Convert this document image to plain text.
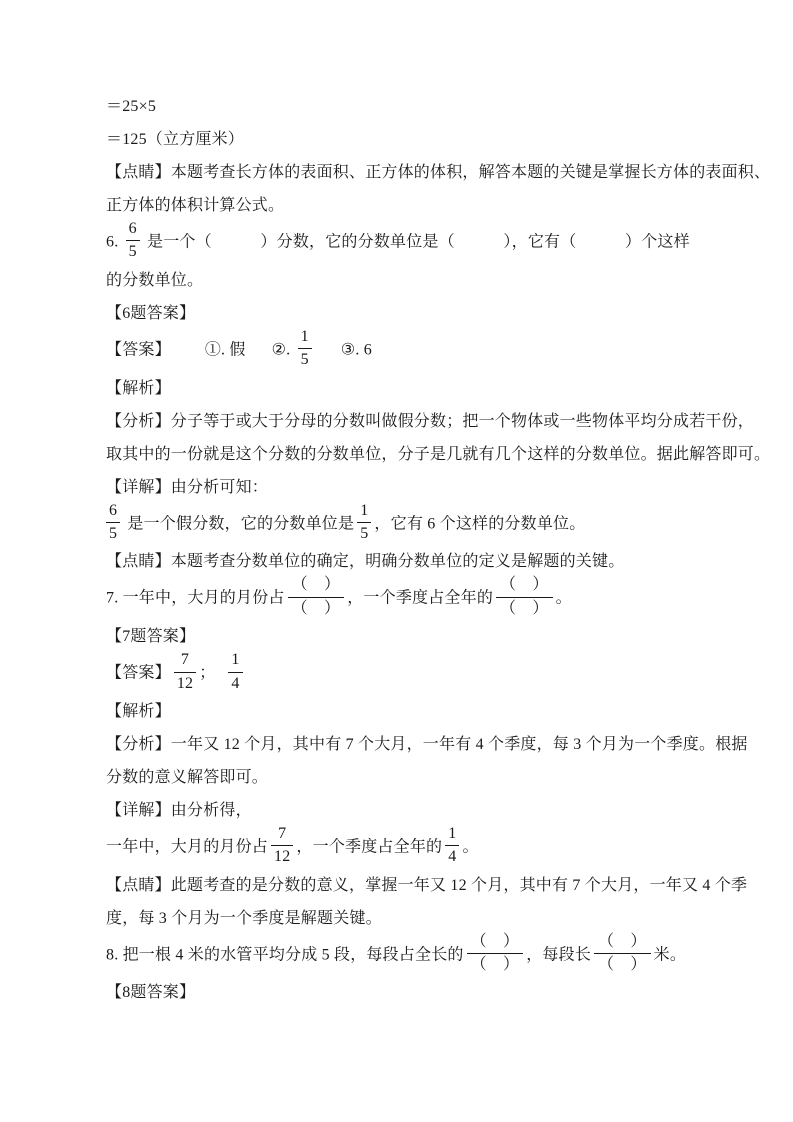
＝25×5

＝125（立方厘米）

【点睛】本题考查长方体的表面积、正方体的体积，解答本题的关键是掌握长方体的表面积、

正方体的体积计算公式。

6. $\frac{6}{5}$ 是一个（　　　）分数，它的分数单位是（　　　），它有（　　　）个这样

的分数单位。

【6题答案】

【答案】 ①. 假 ②. $\frac{1}{5}$ ③. 6

【解析】

【分析】分子等于或大于分母的分数叫做假分数；把一个物体或一些物体平均分成若干份，

取其中的一份就是这个分数的分数单位，分子是几就有几个这样的分数单位。据此解答即可。

【详解】由分析可知：

$\frac{6}{5}$ 是一个假分数，它的分数单位是 $\frac{1}{5}$ ，它有 6 个这样的分数单位。

【点睛】本题考查分数单位的确定，明确分数单位的定义是解题的关键。

7. 一年中，大月的月份占 $\frac{( )}{( )}$ ，一个季度占全年的 $\frac{( )}{( )}$ 。

【7题答案】

【答案】 $\frac{7}{12}$ ； $\frac{1}{4}$

【解析】

【分析】一年又 12 个月，其中有 7 个大月，一年有 4 个季度，每 3 个月为一个季度。根据

分数的意义解答即可。

【详解】由分析得，

一年中，大月的月份占 $\frac{7}{12}$ ，一个季度占全年的 $\frac{1}{4}$ 。

【点睛】此题考查的是分数的意义，掌握一年又 12 个月，其中有 7 个大月，一年又 4 个季

度，每 3 个月为一个季度是解题关键。

8. 把一根 4 米的水管平均分成 5 段，每段占全长的 $\frac{( )}{( )}$ ，每段长 $\frac{( )}{( )}$ 米。

【8题答案】
